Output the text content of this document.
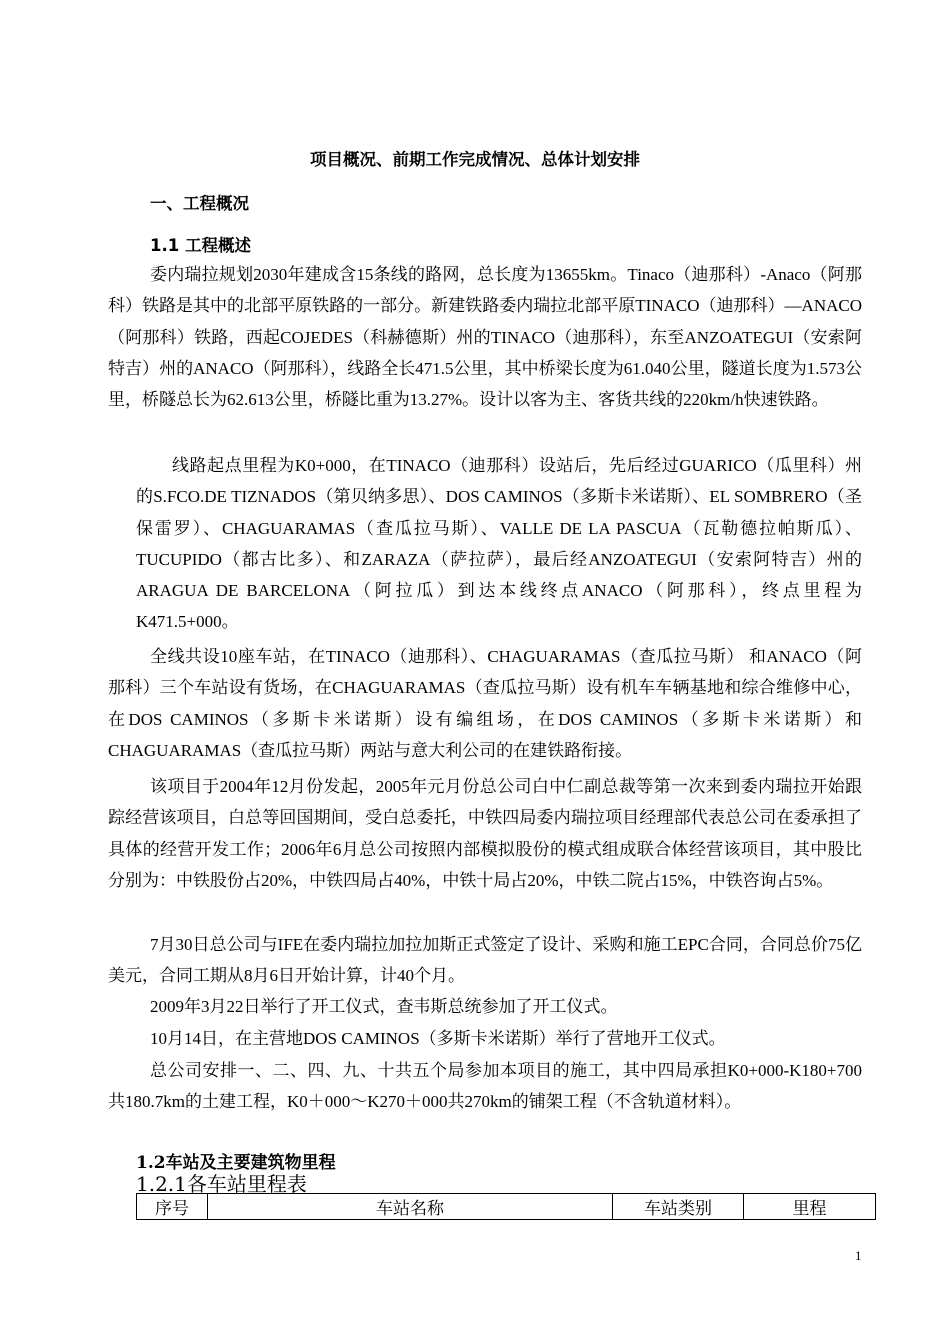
项目概况、前期工作完成情况、总体计划安排
一、工程概况
1.1 工程概述

委内瑞拉规划2030年建成含15条线的路网，总长度为13655km。Tinaco（迪那科）-Anaco（阿那科）铁路是其中的北部平原铁路的一部分。新建铁路委内瑞拉北部平原TINACO（迪那科）—ANACO（阿那科）铁路，西起COJEDES（科赫德斯）州的TINACO（迪那科），东至ANZOATEGUI（安索阿特吉）州的ANACO（阿那科），线路全长471.5公里，其中桥梁长度为61.040公里，隧道长度为1.573公里，桥隧总长为62.613公里，桥隧比重为13.27%。设计以客为主、客货共线的220km/h快速铁路。

线路起点里程为K0+000，在TINACO（迪那科）设站后，先后经过GUARICO（瓜里科）州的S.FCO.DE TIZNADOS（第贝纳多思）、DOS CAMINOS（多斯卡米诺斯）、EL SOMBRERO（圣保雷罗）、CHAGUARAMAS（查瓜拉马斯）、VALLE DE LA PASCUA（瓦勒德拉帕斯瓜）、TUCUPIDO（都古比多）、和ZARAZA（萨拉萨），最后经ANZOATEGUI（安索阿特吉）州的ARAGUA DE BARCELONA（阿拉瓜）到达本线终点ANACO（阿那科），终点里程为K471.5+000。

全线共设10座车站，在TINACO（迪那科）、CHAGUARAMAS（查瓜拉马斯） 和ANACO（阿那科）三个车站设有货场，在CHAGUARAMAS（查瓜拉马斯）设有机车车辆基地和综合维修中心，在DOS CAMINOS（多斯卡米诺斯）设有编组场，在DOS CAMINOS（多斯卡米诺斯）和CHAGUARAMAS（查瓜拉马斯）两站与意大利公司的在建铁路衔接。

该项目于2004年12月份发起，2005年元月份总公司白中仁副总裁等第一次来到委内瑞拉开始跟踪经营该项目，白总等回国期间，受白总委托，中铁四局委内瑞拉项目经理部代表总公司在委承担了具体的经营开发工作；2006年6月总公司按照内部模拟股份的模式组成联合体经营该项目，其中股比分别为：中铁股份占20%，中铁四局占40%，中铁十局占20%，中铁二院占15%，中铁咨询占5%。

7月30日总公司与IFE在委内瑞拉加拉加斯正式签定了设计、采购和施工EPC合同，合同总价75亿美元，合同工期从8月6日开始计算，计40个月。

2009年3月22日举行了开工仪式，查韦斯总统参加了开工仪式。

10月14日，在主营地DOS CAMINOS（多斯卡米诺斯）举行了营地开工仪式。

总公司安排一、二、四、九、十共五个局参加本项目的施工，其中四局承担K0+000-K180+700共180.7km的土建工程，K0＋000～K270＋000共270km的铺架工程（不含轨道材料）。

1.2车站及主要建筑物里程
1.2.1各车站里程表
序号	车站名称	车站类别	里程
1
